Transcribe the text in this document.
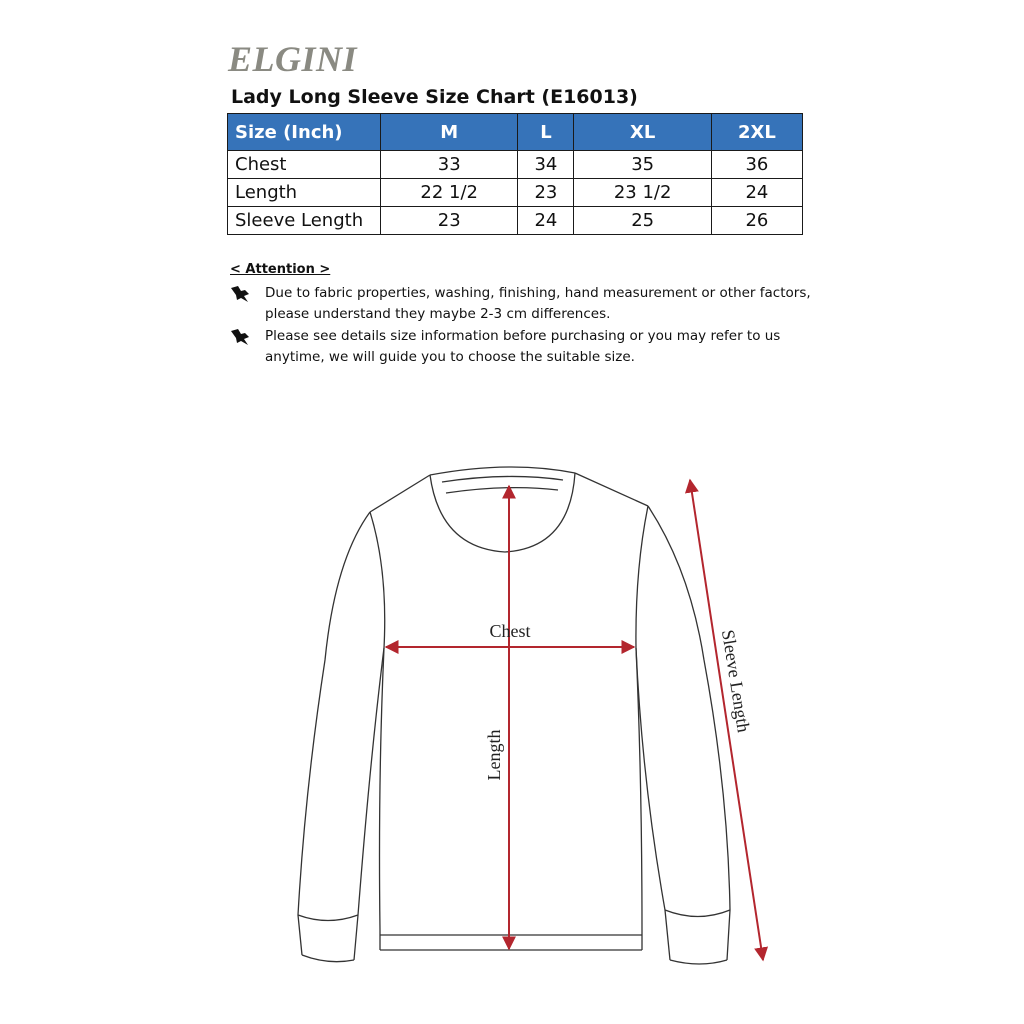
ELGINI
Lady Long Sleeve Size Chart (E16013)
Size (Inch)	M	L	XL	2XL
Chest	33	34	35	36
Length	22 1/2	23	23 1/2	24
Sleeve Length	23	24	25	26
< Attention >
Due to fabric properties, washing, finishing, hand measurement or other factors, please understand they maybe 2-3 cm differences.
Please see details size information before purchasing or you may refer to us anytime, we will guide you to choose the suitable size.
Chest
Length
Sleeve Length
